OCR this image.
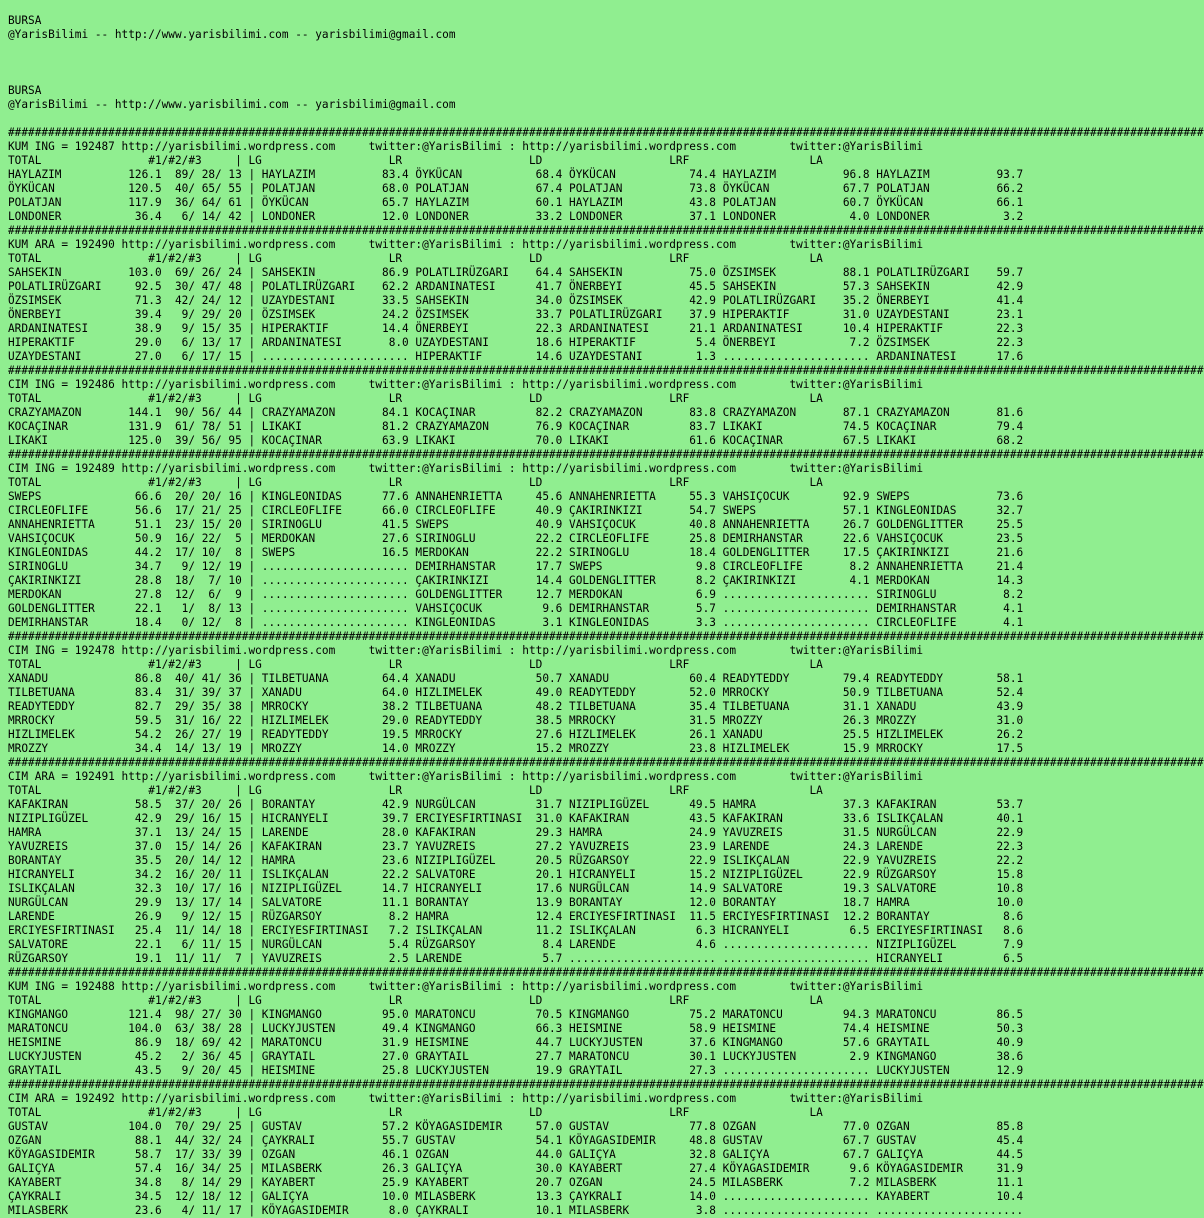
BURSA
@YarisBilimi -- http://www.yarisbilimi.com -- yarisbilimi@gmail.com
BURSA
@YarisBilimi -- http://www.yarisbilimi.com -- yarisbilimi@gmail.com
###################################################################################################################################################################################
KUM ING = 192487 http://yarisbilimi.wordpress.com     twitter:@YarisBilimi : http://yarisbilimi.wordpress.com        twitter:@YarisBilimi
TOTAL                #1/#2/#3     | LG                   LR                   LD                   LRF                  LA
HAYLAZIM          126.1  89/ 28/ 13 | HAYLAZIM          83.4 ÖYKÜCAN           68.4 ÖYKÜCAN           74.4 HAYLAZIM          96.8 HAYLAZIM          93.7
ÖYKÜCAN           120.5  40/ 65/ 55 | POLATJAN          68.0 POLATJAN          67.4 POLATJAN          73.8 ÖYKÜCAN           67.7 POLATJAN          66.2
POLATJAN          117.9  36/ 64/ 61 | ÖYKÜCAN           65.7 HAYLAZIM          60.1 HAYLAZIM          43.8 POLATJAN          60.7 ÖYKÜCAN           66.1
LONDONER           36.4   6/ 14/ 42 | LONDONER          12.0 LONDONER          33.2 LONDONER          37.1 LONDONER           4.0 LONDONER           3.2
###################################################################################################################################################################################
KUM ARA = 192490 http://yarisbilimi.wordpress.com     twitter:@YarisBilimi : http://yarisbilimi.wordpress.com        twitter:@YarisBilimi
TOTAL                #1/#2/#3     | LG                   LR                   LD                   LRF                  LA
SAHSEKIN          103.0  69/ 26/ 24 | SAHSEKIN          86.9 POLATLIRÜZGARI    64.4 SAHSEKIN          75.0 ÖZSIMSEK          88.1 POLATLIRÜZGARI    59.7
POLATLIRÜZGARI     92.5  30/ 47/ 48 | POLATLIRÜZGARI    62.2 ARDANINATESI      41.7 ÖNERBEYI          45.5 SAHSEKIN          57.3 SAHSEKIN          42.9
ÖZSIMSEK           71.3  42/ 24/ 12 | UZAYDESTANI       33.5 SAHSEKIN          34.0 ÖZSIMSEK          42.9 POLATLIRÜZGARI    35.2 ÖNERBEYI          41.4
ÖNERBEYI           39.4   9/ 29/ 20 | ÖZSIMSEK          24.2 ÖZSIMSEK          33.7 POLATLIRÜZGARI    37.9 HIPERAKTIF        31.0 UZAYDESTANI       23.1
ARDANINATESI       38.9   9/ 15/ 35 | HIPERAKTIF        14.4 ÖNERBEYI          22.3 ARDANINATESI      21.1 ARDANINATESI      10.4 HIPERAKTIF        22.3
HIPERAKTIF         29.0   6/ 13/ 17 | ARDANINATESI       8.0 UZAYDESTANI       18.6 HIPERAKTIF         5.4 ÖNERBEYI           7.2 ÖZSIMSEK          22.3
UZAYDESTANI        27.0   6/ 17/ 15 | ...................... HIPERAKTIF        14.6 UZAYDESTANI        1.3 ...................... ARDANINATESI      17.6
###################################################################################################################################################################################
CIM ING = 192486 http://yarisbilimi.wordpress.com     twitter:@YarisBilimi : http://yarisbilimi.wordpress.com        twitter:@YarisBilimi
TOTAL                #1/#2/#3     | LG                   LR                   LD                   LRF                  LA
CRAZYAMAZON       144.1  90/ 56/ 44 | CRAZYAMAZON       84.1 KOCAÇINAR         82.2 CRAZYAMAZON       83.8 CRAZYAMAZON       87.1 CRAZYAMAZON       81.6
KOCAÇINAR         131.9  61/ 78/ 51 | LIKAKI            81.2 CRAZYAMAZON       76.9 KOCAÇINAR         83.7 LIKAKI            74.5 KOCAÇINAR         79.4
LIKAKI            125.0  39/ 56/ 95 | KOCAÇINAR         63.9 LIKAKI            70.0 LIKAKI            61.6 KOCAÇINAR         67.5 LIKAKI            68.2
###################################################################################################################################################################################
CIM ING = 192489 http://yarisbilimi.wordpress.com     twitter:@YarisBilimi : http://yarisbilimi.wordpress.com        twitter:@YarisBilimi
TOTAL                #1/#2/#3     | LG                   LR                   LD                   LRF                  LA
SWEPS              66.6  20/ 20/ 16 | KINGLEONIDAS      77.6 ANNAHENRIETTA     45.6 ANNAHENRIETTA     55.3 VAHSIÇOCUK        92.9 SWEPS             73.6
CIRCLEOFLIFE       56.6  17/ 21/ 25 | CIRCLEOFLIFE      66.0 CIRCLEOFLIFE      40.9 ÇAKIRINKIZI       54.7 SWEPS             57.1 KINGLEONIDAS      32.7
ANNAHENRIETTA      51.1  23/ 15/ 20 | SIRINOGLU         41.5 SWEPS             40.9 VAHSIÇOCUK        40.8 ANNAHENRIETTA     26.7 GOLDENGLITTER     25.5
VAHSIÇOCUK         50.9  16/ 22/  5 | MERDOKAN          27.6 SIRINOGLU         22.2 CIRCLEOFLIFE      25.8 DEMIRHANSTAR      22.6 VAHSIÇOCUK        23.5
KINGLEONIDAS       44.2  17/ 10/  8 | SWEPS             16.5 MERDOKAN          22.2 SIRINOGLU         18.4 GOLDENGLITTER     17.5 ÇAKIRINKIZI       21.6
SIRINOGLU          34.7   9/ 12/ 19 | ...................... DEMIRHANSTAR      17.7 SWEPS              9.8 CIRCLEOFLIFE       8.2 ANNAHENRIETTA     21.4
ÇAKIRINKIZI        28.8  18/  7/ 10 | ...................... ÇAKIRINKIZI       14.4 GOLDENGLITTER      8.2 ÇAKIRINKIZI        4.1 MERDOKAN          14.3
MERDOKAN           27.8  12/  6/  9 | ...................... GOLDENGLITTER     12.7 MERDOKAN           6.9 ...................... SIRINOGLU          8.2
GOLDENGLITTER      22.1   1/  8/ 13 | ...................... VAHSIÇOCUK         9.6 DEMIRHANSTAR       5.7 ...................... DEMIRHANSTAR       4.1
DEMIRHANSTAR       18.4   0/ 12/  8 | ...................... KINGLEONIDAS       3.1 KINGLEONIDAS       3.3 ...................... CIRCLEOFLIFE       4.1
###################################################################################################################################################################################
CIM ING = 192478 http://yarisbilimi.wordpress.com     twitter:@YarisBilimi : http://yarisbilimi.wordpress.com        twitter:@YarisBilimi
TOTAL                #1/#2/#3     | LG                   LR                   LD                   LRF                  LA
XANADU             86.8  40/ 41/ 36 | TILBETUANA        64.4 XANADU            50.7 XANADU            60.4 READYTEDDY        79.4 READYTEDDY        58.1
TILBETUANA         83.4  31/ 39/ 37 | XANADU            64.0 HIZLIMELEK        49.0 READYTEDDY        52.0 MRROCKY           50.9 TILBETUANA        52.4
READYTEDDY         82.7  29/ 35/ 38 | MRROCKY           38.2 TILBETUANA        48.2 TILBETUANA        35.4 TILBETUANA        31.1 XANADU            43.9
MRROCKY            59.5  31/ 16/ 22 | HIZLIMELEK        29.0 READYTEDDY        38.5 MRROCKY           31.5 MROZZY            26.3 MROZZY            31.0
HIZLIMELEK         54.2  26/ 27/ 19 | READYTEDDY        19.5 MRROCKY           27.6 HIZLIMELEK        26.1 XANADU            25.5 HIZLIMELEK        26.2
MROZZY             34.4  14/ 13/ 19 | MROZZY            14.0 MROZZY            15.2 MROZZY            23.8 HIZLIMELEK        15.9 MRROCKY           17.5
###################################################################################################################################################################################
CIM ARA = 192491 http://yarisbilimi.wordpress.com     twitter:@YarisBilimi : http://yarisbilimi.wordpress.com        twitter:@YarisBilimi
TOTAL                #1/#2/#3     | LG                   LR                   LD                   LRF                  LA
KAFAKIRAN          58.5  37/ 20/ 26 | BORANTAY          42.9 NURGÜLCAN         31.7 NIZIPLIGÜZEL      49.5 HAMRA             37.3 KAFAKIRAN         53.7
NIZIPLIGÜZEL       42.9  29/ 16/ 15 | HICRANYELI        39.7 ERCIYESFIRTINASI  31.0 KAFAKIRAN         43.5 KAFAKIRAN         33.6 ISLIKÇALAN        40.1
HAMRA              37.1  13/ 24/ 15 | LARENDE           28.0 KAFAKIRAN         29.3 HAMRA             24.9 YAVUZREIS         31.5 NURGÜLCAN         22.9
YAVUZREIS          37.0  15/ 14/ 26 | KAFAKIRAN         23.7 YAVUZREIS         27.2 YAVUZREIS         23.9 LARENDE           24.3 LARENDE           22.3
BORANTAY           35.5  20/ 14/ 12 | HAMRA             23.6 NIZIPLIGÜZEL      20.5 RÜZGARSOY         22.9 ISLIKÇALAN        22.9 YAVUZREIS         22.2
HICRANYELI         34.2  16/ 20/ 11 | ISLIKÇALAN        22.2 SALVATORE         20.1 HICRANYELI        15.2 NIZIPLIGÜZEL      22.9 RÜZGARSOY         15.8
ISLIKÇALAN         32.3  10/ 17/ 16 | NIZIPLIGÜZEL      14.7 HICRANYELI        17.6 NURGÜLCAN         14.9 SALVATORE         19.3 SALVATORE         10.8
NURGÜLCAN          29.9  13/ 17/ 14 | SALVATORE         11.1 BORANTAY          13.9 BORANTAY          12.0 BORANTAY          18.7 HAMRA             10.0
LARENDE            26.9   9/ 12/ 15 | RÜZGARSOY          8.2 HAMRA             12.4 ERCIYESFIRTINASI  11.5 ERCIYESFIRTINASI  12.2 BORANTAY           8.6
ERCIYESFIRTINASI   25.4  11/ 14/ 18 | ERCIYESFIRTINASI   7.2 ISLIKÇALAN        11.2 ISLIKÇALAN         6.3 HICRANYELI         6.5 ERCIYESFIRTINASI   8.6
SALVATORE          22.1   6/ 11/ 15 | NURGÜLCAN          5.4 RÜZGARSOY          8.4 LARENDE            4.6 ...................... NIZIPLIGÜZEL       7.9
RÜZGARSOY          19.1  11/ 11/  7 | YAVUZREIS          2.5 LARENDE            5.7 ...................... ...................... HICRANYELI         6.5
###################################################################################################################################################################################
KUM ING = 192488 http://yarisbilimi.wordpress.com     twitter:@YarisBilimi : http://yarisbilimi.wordpress.com        twitter:@YarisBilimi
TOTAL                #1/#2/#3     | LG                   LR                   LD                   LRF                  LA
KINGMANGO         121.4  98/ 27/ 30 | KINGMANGO         95.0 MARATONCU         70.5 KINGMANGO         75.2 MARATONCU         94.3 MARATONCU         86.5
MARATONCU         104.0  63/ 38/ 28 | LUCKYJUSTEN       49.4 KINGMANGO         66.3 HEISMINE          58.9 HEISMINE          74.4 HEISMINE          50.3
HEISMINE           86.9  18/ 69/ 42 | MARATONCU         31.9 HEISMINE          44.7 LUCKYJUSTEN       37.6 KINGMANGO         57.6 GRAYTAIL          40.9
LUCKYJUSTEN        45.2   2/ 36/ 45 | GRAYTAIL          27.0 GRAYTAIL          27.7 MARATONCU         30.1 LUCKYJUSTEN        2.9 KINGMANGO         38.6
GRAYTAIL           43.5   9/ 20/ 45 | HEISMINE          25.8 LUCKYJUSTEN       19.9 GRAYTAIL          27.3 ...................... LUCKYJUSTEN       12.9
###################################################################################################################################################################################
CIM ARA = 192492 http://yarisbilimi.wordpress.com     twitter:@YarisBilimi : http://yarisbilimi.wordpress.com        twitter:@YarisBilimi
TOTAL                #1/#2/#3     | LG                   LR                   LD                   LRF                  LA
GUSTAV            104.0  70/ 29/ 25 | GUSTAV            57.2 KÖYAGASIDEMIR     57.0 GUSTAV            77.8 OZGAN             77.0 OZGAN             85.8
OZGAN              88.1  44/ 32/ 24 | ÇAYKRALI          55.7 GUSTAV            54.1 KÖYAGASIDEMIR     48.8 GUSTAV            67.7 GUSTAV            45.4
KÖYAGASIDEMIR      58.7  17/ 33/ 39 | OZGAN             46.1 OZGAN             44.0 GALIÇYA           32.8 GALIÇYA           67.7 GALIÇYA           44.5
GALIÇYA            57.4  16/ 34/ 25 | MILASBERK         26.3 GALIÇYA           30.0 KAYABERT          27.4 KÖYAGASIDEMIR      9.6 KÖYAGASIDEMIR     31.9
KAYABERT           34.8   8/ 14/ 29 | KAYABERT          25.9 KAYABERT          20.7 OZGAN             24.5 MILASBERK          7.2 MILASBERK         11.1
ÇAYKRALI           34.5  12/ 18/ 12 | GALIÇYA           10.0 MILASBERK         13.3 ÇAYKRALI          14.0 ...................... KAYABERT          10.4
MILASBERK          23.6   4/ 11/ 17 | KÖYAGASIDEMIR      8.0 ÇAYKRALI          10.1 MILASBERK          3.8 ...................... ......................
